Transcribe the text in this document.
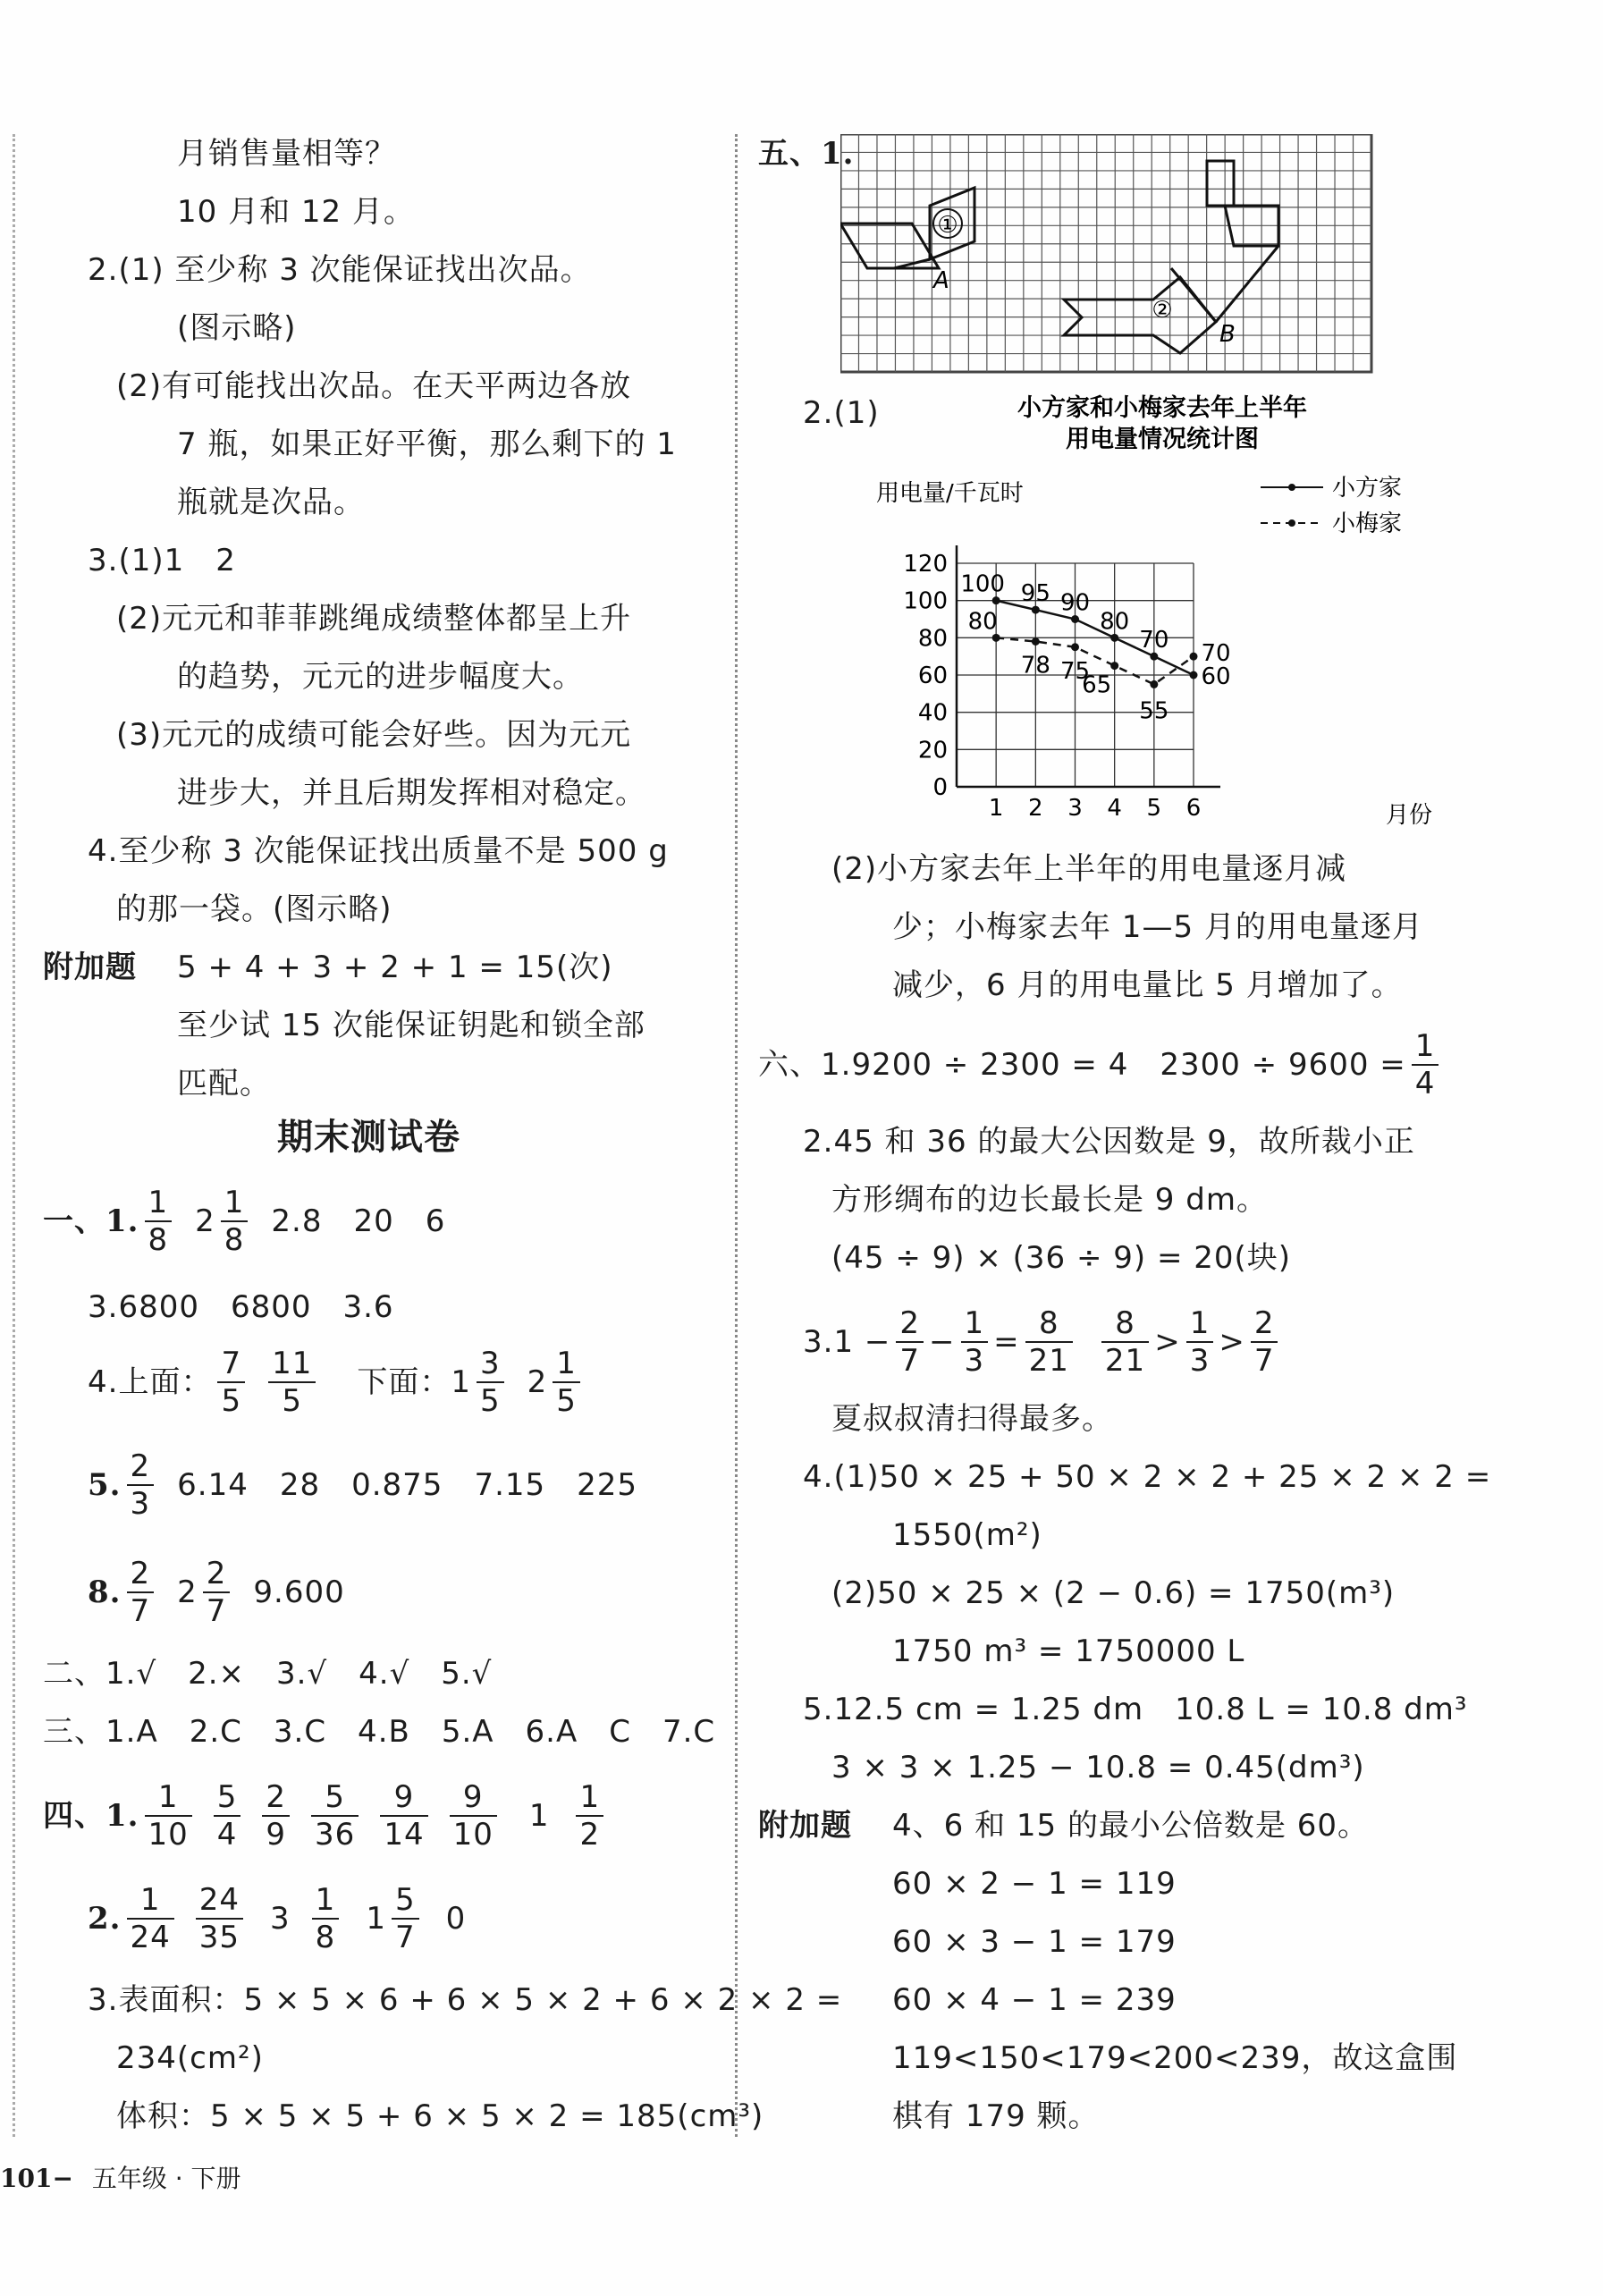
月销售量相等？
10 月和 12 月。
2.(1) 至少称 3 次能保证找出次品。
(图示略)
(2)有可能找出次品。在天平两边各放
7 瓶，如果正好平衡，那么剩下的 1
瓶就是次品。
3.(1)1　2
(2)元元和菲菲跳绳成绩整体都呈上升
的趋势，元元的进步幅度大。
(3)元元的成绩可能会好些。因为元元
进步大，并且后期发挥相对稳定。
4.至少称 3 次能保证找出质量不是 500 g
的那一袋。(图示略)
附加题 5 + 4 + 3 + 2 + 1 = 15(次)
至少试 15 次能保证钥匙和锁全部
匹配。
期末测试卷
一、1. $\frac{1}{8} 2 \frac{1}{8} 2.8$　20　6
3.6800　6800　3.6
4.上面： $\frac{7}{5} \frac{11}{5}$ 下面：$1 \frac{3}{5} 2 \frac{1}{5}$
5. $\frac{2}{3} 6.14$　28　0.875　7.15　225
8. $\frac{2}{7} 2 \frac{2}{7} 9.600$
二、1.√　2.×　3.√　4.√　5.√
三、1.A　2.C　3.C　4.B　5.A　6.A　C　7.C
四、1. $\frac{1}{10} \frac{5}{4} \frac{2}{9} \frac{5}{36} \frac{9}{14} \frac{9}{10} 1 \frac{1}{2}$
2. $\frac{1}{24} \frac{24}{35} 3 \frac{1}{8} 1 \frac{5}{7} 0$
3.表面积：5 × 5 × 6 + 6 × 5 × 2 + 6 × 2 × 2 =
234(cm²)
体积：5 × 5 × 5 + 6 × 5 × 2 = 185(cm³)
五、1.
①
②
A
B
2.(1)	小方家和小梅家去年上半年
用电量情况统计图
用电量/千瓦时
月份
小方家
小梅家
0
20
40
60
80
100
120
1 2 3 4 5 6
100 95 90
80
70
60
80
78 75
65
55
70
(2)小方家去年上半年的用电量逐月减
少；小梅家去年 1—5 月的用电量逐月
减少，6 月的用电量比 5 月增加了。
六、1.9200 ÷ 2300 = 4　$2300 \div 9600 = \frac{1}{4}$
2.45 和 36 的最大公因数是 9，故所裁小正
方形绸布的边长最长是 9 dm。
(45 ÷ 9) × (36 ÷ 9) = 20(块)
$3.1 - \frac{2}{7} - \frac{1}{3} = \frac{8}{21} \frac{8}{21} > \frac{1}{3} > \frac{2}{7}$
夏叔叔清扫得最多。
4.(1)50 × 25 + 50 × 2 × 2 + 25 × 2 × 2 =
1550(m²)
(2)50 × 25 × (2 − 0.6) = 1750(m³)
1750 m³ = 1750000 L
5.12.5 cm = 1.25 dm　10.8 L = 10.8 dm³
3 × 3 × 1.25 − 10.8 = 0.45(dm³)
附加题 4、6 和 15 的最小公倍数是 60。
60 × 2 − 1 = 119
60 × 3 − 1 = 179
60 × 4 − 1 = 239
119<150<179<200<239，故这盒围
棋有 179 颗。
101− 五年级 · 下册
